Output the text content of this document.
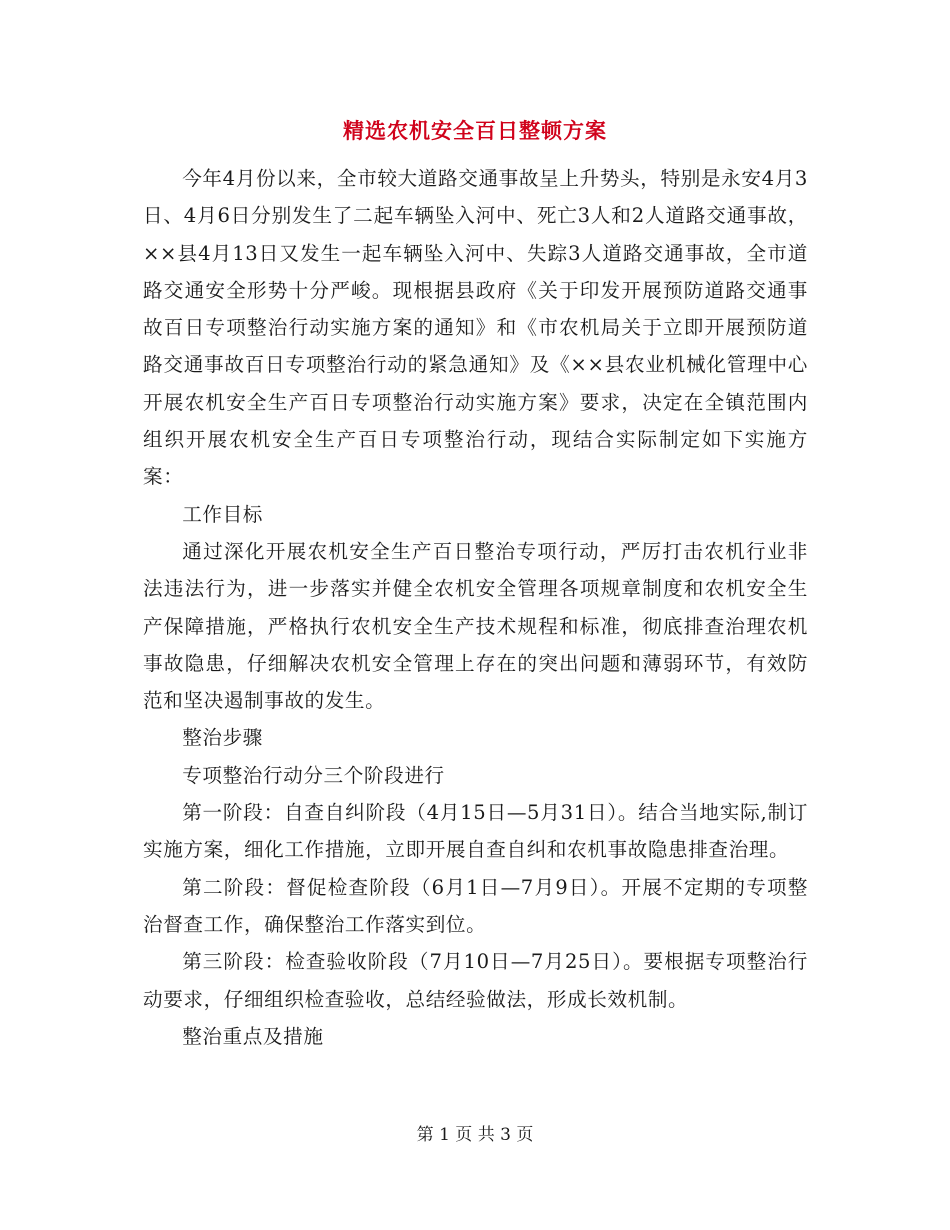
精选农机安全百日整顿方案

今年4月份以来，全市较大道路交通事故呈上升势头，特别是永安4月3日、4月6日分别发生了二起车辆坠入河中、死亡3人和2人道路交通事故，××县4月13日又发生一起车辆坠入河中、失踪3人道路交通事故，全市道路交通安全形势十分严峻。现根据县政府《关于印发开展预防道路交通事故百日专项整治行动实施方案的通知》和《市农机局关于立即开展预防道路交通事故百日专项整治行动的紧急通知》及《××县农业机械化管理中心开展农机安全生产百日专项整治行动实施方案》要求，决定在全镇范围内组织开展农机安全生产百日专项整治行动，现结合实际制定如下实施方案：

工作目标

通过深化开展农机安全生产百日整治专项行动，严厉打击农机行业非法违法行为，进一步落实并健全农机安全管理各项规章制度和农机安全生产保障措施，严格执行农机安全生产技术规程和标准，彻底排查治理农机事故隐患，仔细解决农机安全管理上存在的突出问题和薄弱环节，有效防范和坚决遏制事故的发生。

整治步骤

专项整治行动分三个阶段进行

第一阶段：自查自纠阶段（4月15日—5月31日）。结合当地实际,制订实施方案，细化工作措施，立即开展自查自纠和农机事故隐患排查治理。

第二阶段：督促检查阶段（6月1日—7月9日）。开展不定期的专项整治督查工作，确保整治工作落实到位。

第三阶段：检查验收阶段（7月10日—7月25日）。要根据专项整治行动要求，仔细组织检查验收，总结经验做法，形成长效机制。

整治重点及措施

第 1 页 共 3 页
